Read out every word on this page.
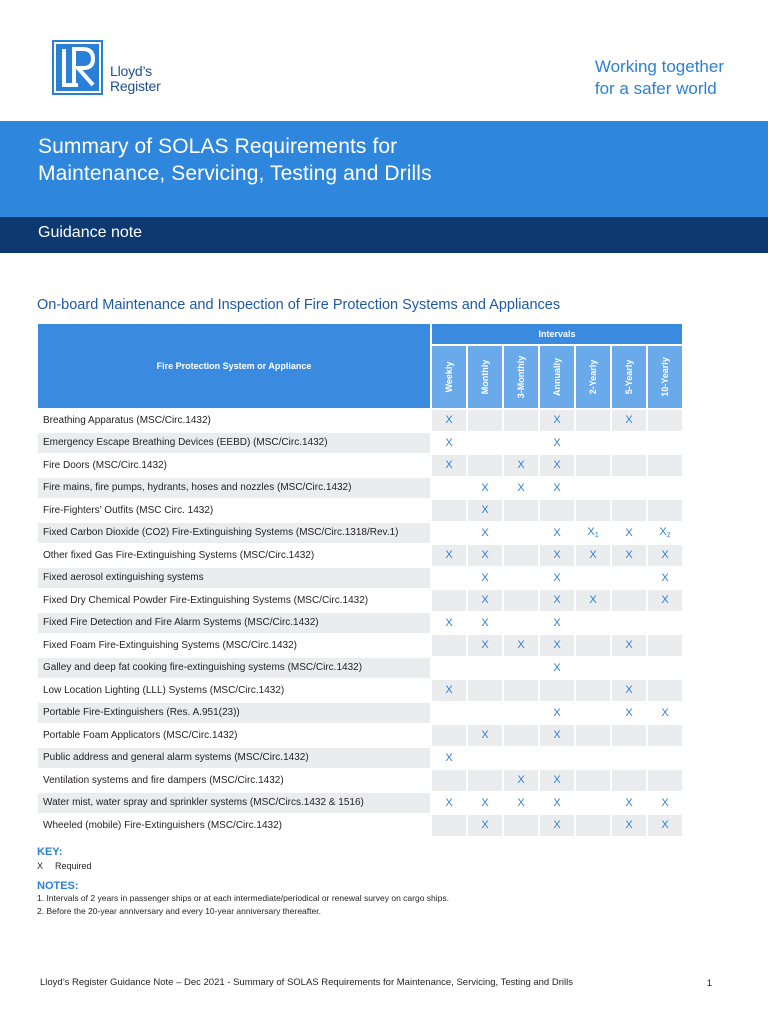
Lloyd’s
Register
Working together
for a safer world
Summary of SOLAS Requirements for
Maintenance, Servicing, Testing and Drills
Guidance note
On-board Maintenance and Inspection of Fire Protection Systems and Appliances
Fire Protection System or Appliance	Intervals						

	Weekly	Monthly	3-Monthly	Annually	2-Yearly	5-Yearly	10-Yearly

Breathing Apparatus (MSC/Circ.1432)	X			X		X	
Emergency Escape Breathing Devices (EEBD) (MSC/Circ.1432)	X			X			
Fire Doors (MSC/Circ.1432)	X		X	X			
Fire mains, fire pumps, hydrants, hoses and nozzles (MSC/Circ.1432)		X	X	X			
Fire-Fighters’ Outfits (MSC Circ. 1432)		X					
Fixed Carbon Dioxide (CO2) Fire-Extinguishing Systems (MSC/Circ.1318/Rev.1)		X		X	$X_1$	X	$X_2$
Other fixed Gas Fire-Extinguishing Systems (MSC/Circ.1432)	X	X		X	X	X	X
Fixed aerosol extinguishing systems		X		X			X
Fixed Dry Chemical Powder Fire-Extinguishing Systems (MSC/Circ.1432)		X		X	X		X
Fixed Fire Detection and Fire Alarm Systems (MSC/Circ.1432)	X	X		X			
Fixed Foam Fire-Extinguishing Systems (MSC/Circ.1432)		X	X	X		X	
Galley and deep fat cooking fire-extinguishing systems (MSC/Circ.1432)				X			
Low Location Lighting (LLL) Systems (MSC/Circ.1432)	X					X	
Portable Fire-Extinguishers (Res. A.951(23))				X		X	X
Portable Foam Applicators (MSC/Circ.1432)		X		X			
Public address and general alarm systems (MSC/Circ.1432)	X						
Ventilation systems and fire dampers (MSC/Circ.1432)			X	X			
Water mist, water spray and sprinkler systems (MSC/Circs.1432 & 1516)	X	X	X	X		X	X
Wheeled (mobile) Fire-Extinguishers (MSC/Circ.1432)		X		X		X	X
KEY:
X Required
NOTES:
1. Intervals of 2 years in passenger ships or at each intermediate/periodical or renewal survey on cargo ships.
2. Before the 20-year anniversary and every 10-year anniversary thereafter.
Lloyd’s Register Guidance Note – Dec 2021 - Summary of SOLAS Requirements for Maintenance, Servicing, Testing and Drills	1
